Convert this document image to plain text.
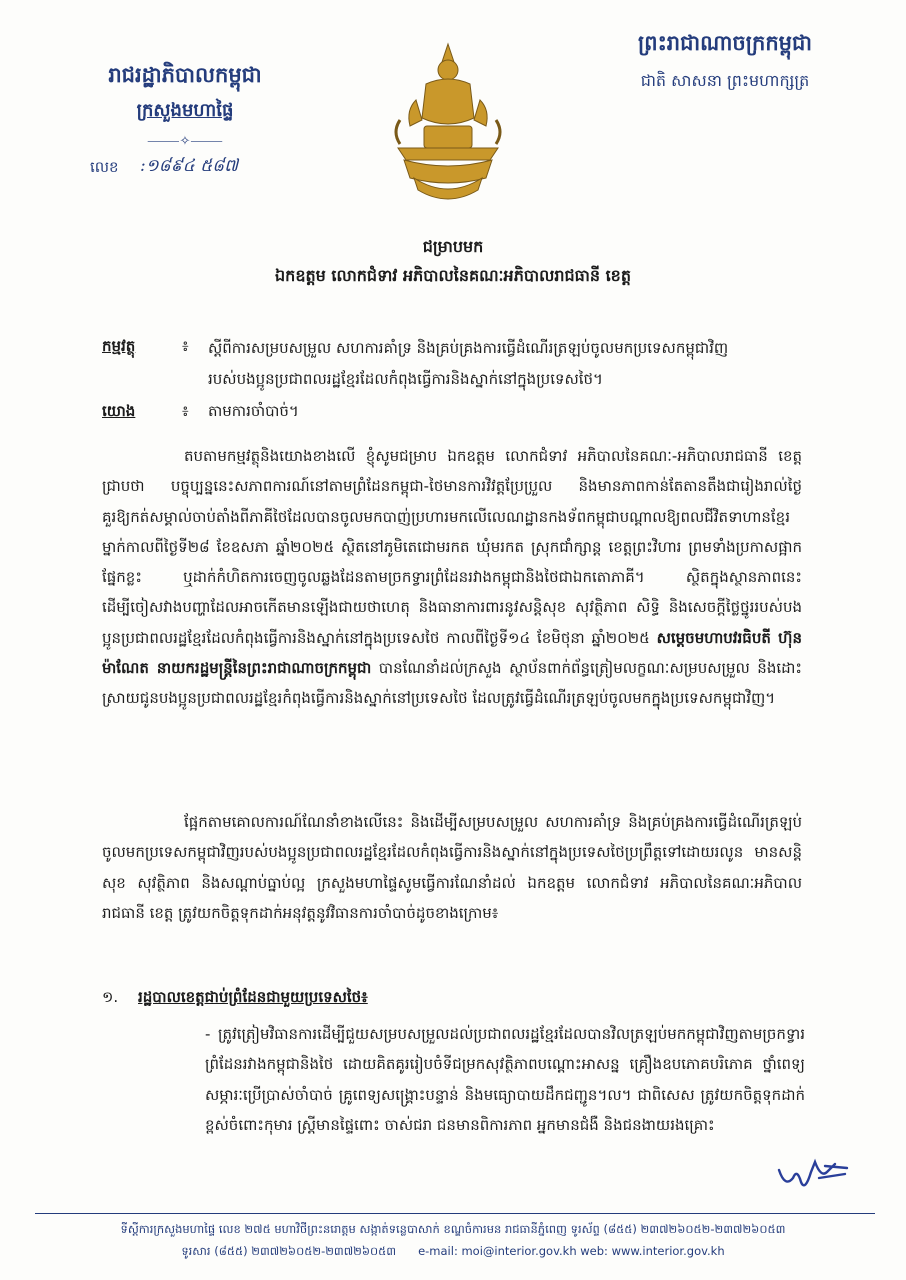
រាជរដ្ឋាភិបាលកម្ពុជា
ក្រសួងមហាផ្ទៃ
⸻✧⸻
លេខ :១៨៩៤ ៥៨៧
ព្រះរាជាណាចក្រកម្ពុជា
ជាតិ សាសនា ព្រះមហាក្សត្រ
ជម្រាបមក
ឯកឧត្តម លោកជំទាវ អភិបាលនៃគណៈអភិបាលរាជធានី ខេត្ត
កម្មវត្ថុ	៖ ស្តីពីការសម្របសម្រួល សហការគាំទ្រ និងគ្រប់គ្រងការធ្វើដំណើរត្រឡប់ចូលមកប្រទេសកម្ពុជាវិញរបស់បងប្អូនប្រជាពលរដ្ឋខ្មែរដែលកំពុងធ្វើការនិងស្នាក់នៅក្នុងប្រទេសថៃ។
យោង	៖ តាមការចាំបាច់។
តបតាមកម្មវត្ថុនិងយោងខាងលើ ខ្ញុំសូមជម្រាប ឯកឧត្តម លោកជំទាវ អភិបាលនៃគណៈ-អភិបាលរាជធានី ខេត្ត ជ្រាបថា បច្ចុប្បន្ននេះសភាពការណ៍នៅតាមព្រំដែនកម្ពុជា-ថៃមានការវិវត្តប្រែប្រួល និងមានភាពកាន់តែតានតឹងជារៀងរាល់ថ្ងៃគួរឱ្យកត់សម្គាល់ចាប់តាំងពីភាគីថៃដែលបានចូលមកបាញ់ប្រហារមកលើលេណដ្ឋានកងទ័ពកម្ពុជាបណ្តាលឱ្យពលជីវិតទាហានខ្មែរម្នាក់កាលពីថ្ងៃទី២៨ ខែឧសភា ឆ្នាំ២០២៥ ស្ថិតនៅភូមិតេជោមរកត ឃុំមរកត ស្រុកជាំក្សាន្ត ខេត្តព្រះវិហារ ព្រមទាំងប្រកាសផ្អាកផ្នែកខ្លះ ឬដាក់កំហិតការចេញចូលឆ្លងដែនតាមច្រកទ្វារព្រំដែនរវាងកម្ពុជានិងថៃជាឯកតោភាគី។ ស្ថិតក្នុងស្ថានភាពនេះ ដើម្បីចៀសវាងបញ្ហាដែលអាចកើតមានឡើងជាយថាហេតុ និងធានាការពារនូវសន្តិសុខ សុវត្ថិភាព សិទ្ធិ និងសេចក្តីថ្លៃថ្នូររបស់បងប្អូនប្រជាពលរដ្ឋខ្មែរដែលកំពុងធ្វើការនិងស្នាក់នៅក្នុងប្រទេសថៃ កាលពីថ្ងៃទី១៤ ខែមិថុនា ឆ្នាំ២០២៥ សម្តេចមហាបវរធិបតី ហ៊ុន ម៉ាណែត នាយករដ្ឋមន្ត្រីនៃព្រះរាជាណាចក្រកម្ពុជា បានណែនាំដល់ក្រសួង ស្ថាប័នពាក់ព័ន្ធត្រៀមលក្ខណៈសម្របសម្រួល និងដោះស្រាយជូនបងប្អូនប្រជាពលរដ្ឋខ្មែរកំពុងធ្វើការនិងស្នាក់នៅប្រទេសថៃ ដែលត្រូវធ្វើដំណើរត្រឡប់ចូលមកក្នុងប្រទេសកម្ពុជាវិញ។
ផ្អែកតាមគោលការណ៍ណែនាំខាងលើនេះ និងដើម្បីសម្របសម្រួល សហការគាំទ្រ និងគ្រប់គ្រងការធ្វើដំណើរត្រឡប់ចូលមកប្រទេសកម្ពុជាវិញរបស់បងប្អូនប្រជាពលរដ្ឋខ្មែរដែលកំពុងធ្វើការនិងស្នាក់នៅក្នុងប្រទេសថៃប្រព្រឹត្តទៅដោយរលូន មានសន្តិសុខ សុវត្ថិភាព និងសណ្តាប់ធ្នាប់ល្អ ក្រសួងមហាផ្ទៃសូមធ្វើការណែនាំដល់ ឯកឧត្តម លោកជំទាវ អភិបាលនៃគណៈអភិបាលរាជធានី ខេត្ត ត្រូវយកចិត្តទុកដាក់អនុវត្តនូវវិធានការចាំបាច់ដូចខាងក្រោម៖
១. រដ្ឋបាលខេត្តជាប់ព្រំដែនជាមួយប្រទេសថៃ៖
- ត្រូវត្រៀមវិធានការដើម្បីជួយសម្របសម្រួលដល់ប្រជាពលរដ្ឋខ្មែរដែលបានវិលត្រឡប់មកកម្ពុជាវិញតាមច្រកទ្វារព្រំដែនរវាងកម្ពុជានិងថៃ ដោយគិតគូររៀបចំទីជម្រកសុវត្ថិភាពបណ្តោះអាសន្ន គ្រឿងឧបភោគបរិភោគ ថ្នាំពេទ្យ សម្ភារៈប្រើប្រាស់ចាំបាច់ គ្រូពេទ្យសង្គ្រោះបន្ទាន់ និងមធ្យោបាយដឹកជញ្ជូន។ល។ ជាពិសេស ត្រូវយកចិត្តទុកដាក់ខ្ពស់ចំពោះកុមារ ស្ត្រីមានផ្ទៃពោះ ចាស់ជរា ជនមានពិការភាព អ្នកមានជំងឺ និងជនងាយរងគ្រោះ
ទីស្តីការក្រសួងមហាផ្ទៃ លេខ ២៧៥ មហាវិថីព្រះនរោត្តម សង្កាត់ទន្លេបាសាក់ ខណ្ឌចំការមន រាជធានីភ្នំពេញ ទូរស័ព្ទ (៨៥៥) ២៣៧២៦០៥២-២៣៧២៦០៥៣
ទូរសារ (៨៥៥) ២៣៧២៦០៥២-២៣៧២៦០៥៣ e-mail: moi@interior.gov.kh web: www.interior.gov.kh
